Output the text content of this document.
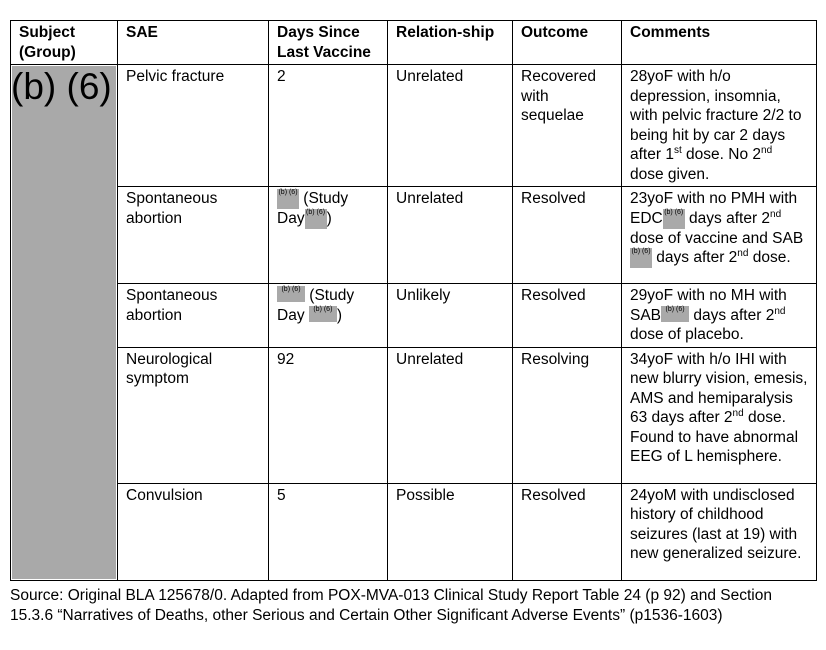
Subject (Group)	SAE	Days Since Last Vaccine	Relation-ship	Outcome	Comments

(b) (6)	Pelvic fracture	2	Unrelated	Recovered with sequelae	28yoF with h/o depression, insomnia, with pelvic fracture 2/2 to being hit by car 2 days after 1st dose. No 2nd dose given.
	Spontaneous abortion	(b) (6) (Study Day(b) (6))	Unrelated	Resolved	23yoF with no PMH with EDC(b) (6) days after 2nd dose of vaccine and SAB(b) (6) days after 2nd dose.
	Spontaneous abortion	(b) (6) (Study Day (b) (6) )	Unlikely	Resolved	29yoF with no MH with SAB (b) (6) days after 2nd dose of placebo.
	Neurological symptom	92	Unrelated	Resolving	34yoF with h/o IHI with new blurry vision, emesis, AMS and hemiparalysis 63 days after 2nd dose. Found to have abnormal EEG of L hemisphere.
	Convulsion	5	Possible	Resolved	24yoM with undisclosed history of childhood seizures (last at 19) with new generalized seizure.
Source: Original BLA 125678/0. Adapted from POX-MVA-013 Clinical Study Report Table 24 (p 92) and Section 15.3.6 “Narratives of Deaths, other Serious and Certain Other Significant Adverse Events” (p1536-1603)
